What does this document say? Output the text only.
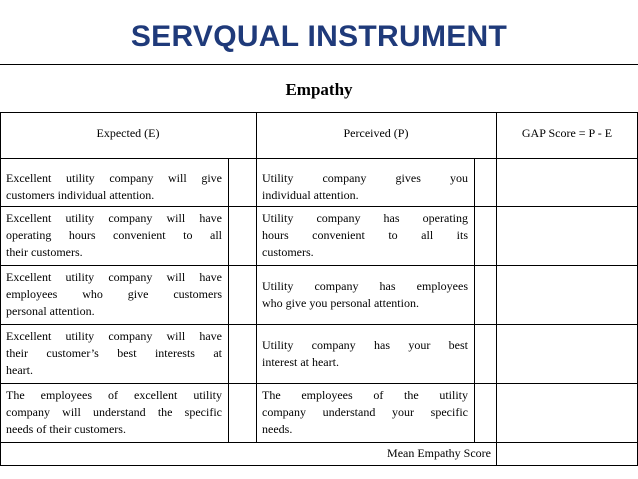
SERVQUAL INSTRUMENT
Empathy
Expected (E)	Perceived (P)	GAP Score = P - E
Excellent utility company will give
customers individual attention.
Utility company gives you
individual attention.
Excellent utility company will have
operating hours convenient to all
their customers.
Utility company has operating
hours convenient to all its
customers.
Excellent utility company will have
employees who give customers
personal attention.
Utility company has employees
who give you personal attention.
Excellent utility company will have
their customer’s best interests at
heart.
Utility company has your best
interest at heart.
The employees of excellent utility
company will understand the specific
needs of their customers.
The employees of the utility
company understand your specific
needs.
Mean Empathy Score
